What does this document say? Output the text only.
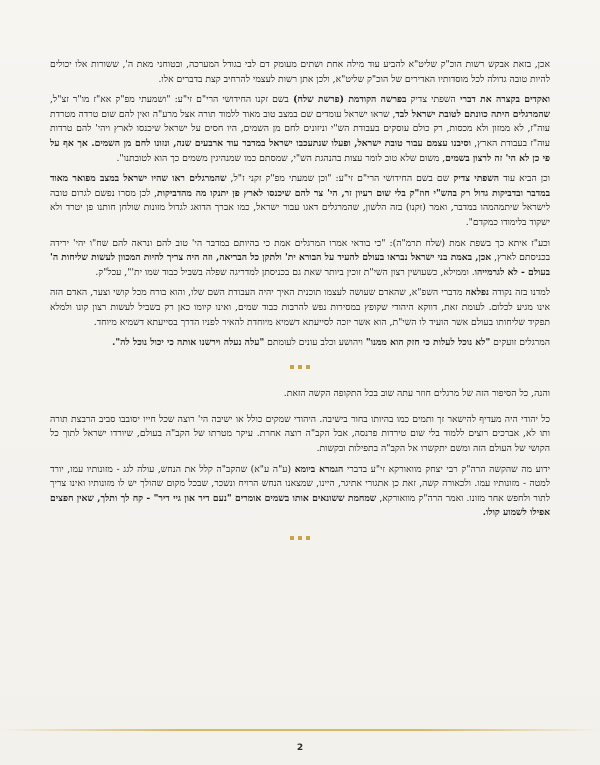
אכן, בזאת אבקש רשות הוכ"ק שליט"א להביע עוד מילה אחת ושתים מעומק דם לבי בגודל המערכה, ובטוחני מאת ה', ששורות אלו יכולים להיות טובה גדולה לכל מוסדותיו האדירים של הוכ"ק שליט"א, ולכן אתן רשות לעצמי להרחיב קצת בדברים אלו.

ואקדים בקצרה את דברי השפתי צדיק בפרשה הקודמת (פרשת שלח) בשם זקנו החידושי הרי"ם זי"ע: "ושמעתי מפ"ק אא"ז מו"ר זצ"ל, שהמרגלים היתה כוונתם לטובת ישראל לבד, שראו ישראל עומדים שם במצב טוב מאוד ללמוד תורה אצל מרע"ה ואין להם שום טרדה מטרדת עוה"ז, לא ממזון ולא מכסות, רק כולם עוסקים בעבודת הש"י וניזונים לחם מן השמים, היו חסים על ישראל שיכנסו לארץ ויהי' להם טרדות עוה"ז בעבודת הארץ, וסיבנו עצמם עבור טובת ישראל, ופעלו שנתעכבו ישראל במדבר עוד ארבעים שנה, ונזונו לחם מן השמים. אך אף על פי כן לא הי' זה לרצון בשמים, משום שלא טוב לומר עצות בהנהגת הש"י, שמסתם כמו שמנהיגין משמים כך הוא לטובתנו".

וכן הביא עוד השפתי צדיק שם בשם החידושי הרי"ם זי"ע: "וכן שמעתי מפ"ק זקני ז"ל, שהמרגלים ראו שהיו ישראל במצב מפואר מאוד במדבר ובדביקות גדול רק בהש"י חוז"ק בלי שום רעיון זר, הי' צר להם שיכנסו לארץ פן יתנקו מה מהדביקות, לכן מסרו נפשם לגרום טובה לישראל שיתמהמהו במדבר, ואמר (זקנו) בזה הלשון, שהמרגלים דאגו עבור ישראל, כמו אברך הדואג לגדול מזונות שולחן חותנו פן יטרד ולא ישקוד בלימודו כמקדם".

וכע"ז איתא כך בשפת אמת (שלח תרמ"ה): "כי בודאי אמרו המרגלים אמת כי בהיותם במדבר הי' טוב להם ונראה להם שח"ו יהי' ירידה בכניסתם לארץ, אכן, באמת בני ישראל נבראו בעולם להעיד על הבורא ית' ולתקן כל הבריאה, וזה היה צריך להיות המכוון לעשות שליחות ה' בעולם - לא לגרמייהו. וממילא, כשעושין רצון השי"ת זוכין ביותר שאת גם בכניסתן למדריגה שפלה בשביל כבוד שמו ית'", עכל"ק.

למדנו בזה נקודה נפלאה מדברי השפ"א, שהאדם שעושה לעצמו תוכנית האיך יהיה העבודת השם שלו, והוא בורח מכל קושי וצער, האדם הזה אינו מגיע לכלום. לעומת זאת, דווקא היהודי שקופץ במסירות נפש להרבות כבוד שמים, ואינו קיומו כאן רק בשביל לעשות רצון קונו ולמלא תפקיד שליחותו בעולם אשר הועיד לו השי"ת, הוא אשר יזכה לסייעתא דשמיא מיוחדת להאיר לפניו הדרך בסייעתא דשמיא מיוחד.

המרגלים זועקים "לא נוכל לעלות כי חזק הוא ממנו" ויהושע וכלב עונים לעומתם "עלה נעלה וירשנו אותה כי יכול נוכל לה".

והנה, כל הסיפור הזה של מרגלים חוזר עתה שוב בכל התקופה הקשה הזאת.

כל יהודי היה מעדיף להישאר זך ותמים כמו בהיותו בחור בישיבה. היהודי שמקים כולל או ישיבה הי' רוצה שכל חייו יסובבו סביב הרבצת תורה ותו לא, אברכים רוצים ללמוד בלי שום טירדות פרנסה, אבל הקב"ה רוצה אחרת. עיקר מטרתו של הקב"ה בעולם, שיורדו ישראל לתוך כל הקושי של העולם הזה ומשם יתקשרו אל הקב"ה בתפילות ובקשות.

ידוע מה שהקשה הרה"ק רבי יצחק מוואורקא זי"ע בדברי הגמרא ביומא (ע"ה ע"א) שהקב"ה קלל את הנחש, עולה לגג - מזונותיו עמו, יורד למטה - מזונותיו עמו. ולכאורה קשה, זאת כן אתגורי אתיגר, היינו, שמצאנו הנחש הרויח ונשכר, שבכל מקום שהולך יש לו מזונותיו ואינו צריך לתור ולחפש אחר מזונו. ואמר הרה"ק מוואורקא, שמחמת ששונאים אותו בשמים אומרים "נעם דיר און גיי דיר" - קח לך ותלך, שאין חפצים אפילו לשמוע קולו.

2
